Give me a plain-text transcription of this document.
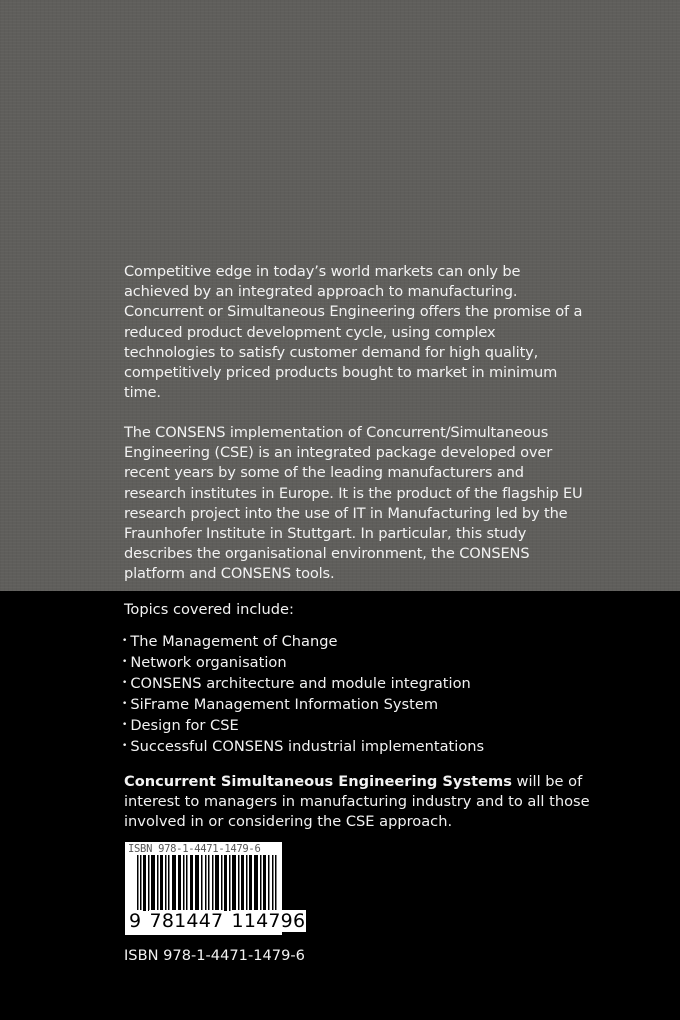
Competitive edge in today’s world markets can only be achieved by an integrated approach to manufacturing. Concurrent or Simultaneous Engineering offers the promise of a reduced product development cycle, using complex technologies to satisfy customer demand for high quality, competitively priced products bought to market in minimum time.

The CONSENS implementation of Concurrent/Simultaneous Engineering (CSE) is an integrated package developed over recent years by some of the leading manufacturers and research institutes in Europe. It is the product of the flagship EU research project into the use of IT in Manufacturing led by the Fraunhofer Institute in Stuttgart. In particular, this study describes the organisational environment, the CONSENS platform and CONSENS tools.

Topics covered include:

• The Management of Change
• Network organisation
• CONSENS architecture and module integration
• SiFrame Management Information System
• Design for CSE
• Successful CONSENS industrial implementations

Concurrent Simultaneous Engineering Systems will be of interest to managers in manufacturing industry and to all those involved in or considering the CSE approach.

ISBN 978-1-4471-1479-6
9 781447 114796

ISBN 978-1-4471-1479-6
